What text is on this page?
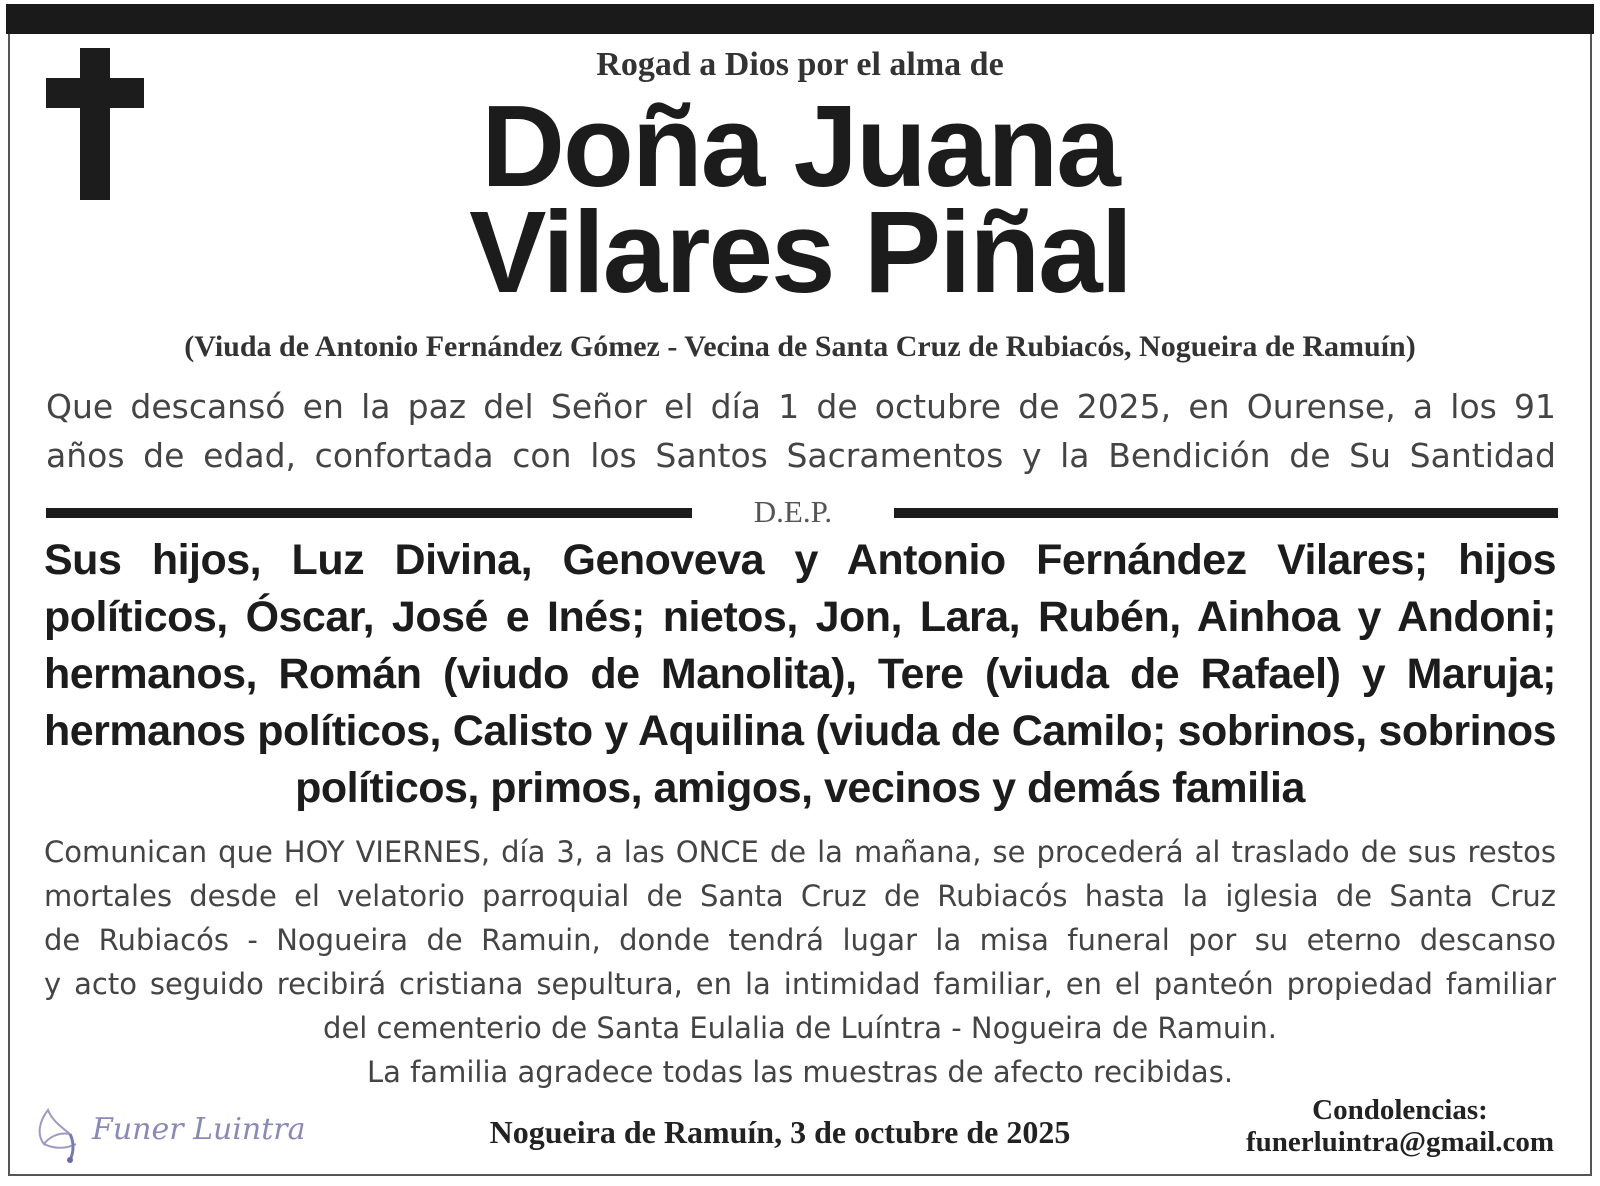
Rogad a Dios por el alma de
Doña Juana
Vilares Piñal
(Viuda de Antonio Fernández Gómez - Vecina de Santa Cruz de Rubiacós, Nogueira de Ramuín)
Que descansó en la paz del Señor el día 1 de octubre de 2025, en Ourense, a los 91
años de edad, confortada con los Santos Sacramentos y la Bendición de Su Santidad
D.E.P.
Sus hijos, Luz Divina, Genoveva y Antonio Fernández Vilares; hijos
políticos, Óscar, José e Inés; nietos, Jon, Lara, Rubén, Ainhoa y Andoni;
hermanos, Román (viudo de Manolita), Tere (viuda de Rafael) y Maruja;
hermanos políticos, Calisto y Aquilina (viuda de Camilo; sobrinos, sobrinos
políticos, primos, amigos, vecinos y demás familia
Comunican que HOY VIERNES, día 3, a las ONCE de la mañana, se procederá al traslado de sus restos
mortales desde el velatorio parroquial de Santa Cruz de Rubiacós hasta la iglesia de Santa Cruz
de Rubiacós - Nogueira de Ramuin, donde tendrá lugar la misa funeral por su eterno descanso
y acto seguido recibirá cristiana sepultura, en la intimidad familiar, en el panteón propiedad familiar
del cementerio de Santa Eulalia de Luíntra - Nogueira de Ramuin.
La familia agradece todas las muestras de afecto recibidas.
Funer Luintra	Nogueira de Ramuín, 3 de octubre de 2025
Condolencias:
funerluintra@gmail.com
